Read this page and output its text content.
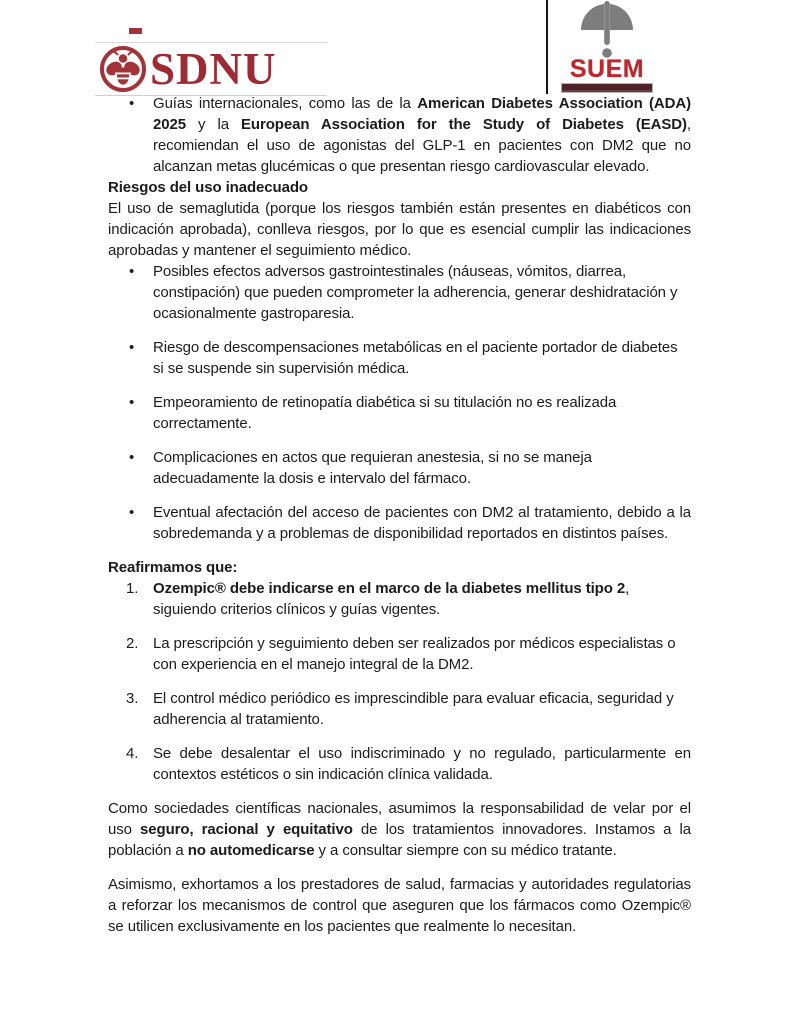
SDNU	SUEM
• Guías internacionales, como las de la American Diabetes Association (ADA) 2025 y la European Association for the Study of Diabetes (EASD), recomiendan el uso de agonistas del GLP-1 en pacientes con DM2 que no alcanzan metas glucémicas o que presentan riesgo cardiovascular elevado.
Riesgos del uso inadecuado

El uso de semaglutida (porque los riesgos también están presentes en diabéticos con indicación aprobada), conlleva riesgos, por lo que es esencial cumplir las indicaciones aprobadas y mantener el seguimiento médico.

• Posibles efectos adversos gastrointestinales (náuseas, vómitos, diarrea, constipación) que pueden comprometer la adherencia, generar deshidratación y ocasionalmente gastroparesia.
• Riesgo de descompensaciones metabólicas en el paciente portador de diabetes si se suspende sin supervisión médica.
• Empeoramiento de retinopatía diabética si su titulación no es realizada correctamente.
• Complicaciones en actos que requieran anestesia, si no se maneja adecuadamente la dosis e intervalo del fármaco.
• Eventual afectación del acceso de pacientes con DM2 al tratamiento, debido a la sobredemanda y a problemas de disponibilidad reportados en distintos países.
Reafirmamos que:
Ozempic® debe indicarse en el marco de la diabetes mellitus tipo 2, siguiendo criterios clínicos y guías vigentes.
La prescripción y seguimiento deben ser realizados por médicos especialistas o con experiencia en el manejo integral de la DM2.
El control médico periódico es imprescindible para evaluar eficacia, seguridad y adherencia al tratamiento.
Se debe desalentar el uso indiscriminado y no regulado, particularmente en contextos estéticos o sin indicación clínica validada.

Como sociedades científicas nacionales, asumimos la responsabilidad de velar por el uso seguro, racional y equitativo de los tratamientos innovadores. Instamos a la población a no automedicarse y a consultar siempre con su médico tratante.

Asimismo, exhortamos a los prestadores de salud, farmacias y autoridades regulatorias a reforzar los mecanismos de control que aseguren que los fármacos como Ozempic® se utilicen exclusivamente en los pacientes que realmente lo necesitan.
